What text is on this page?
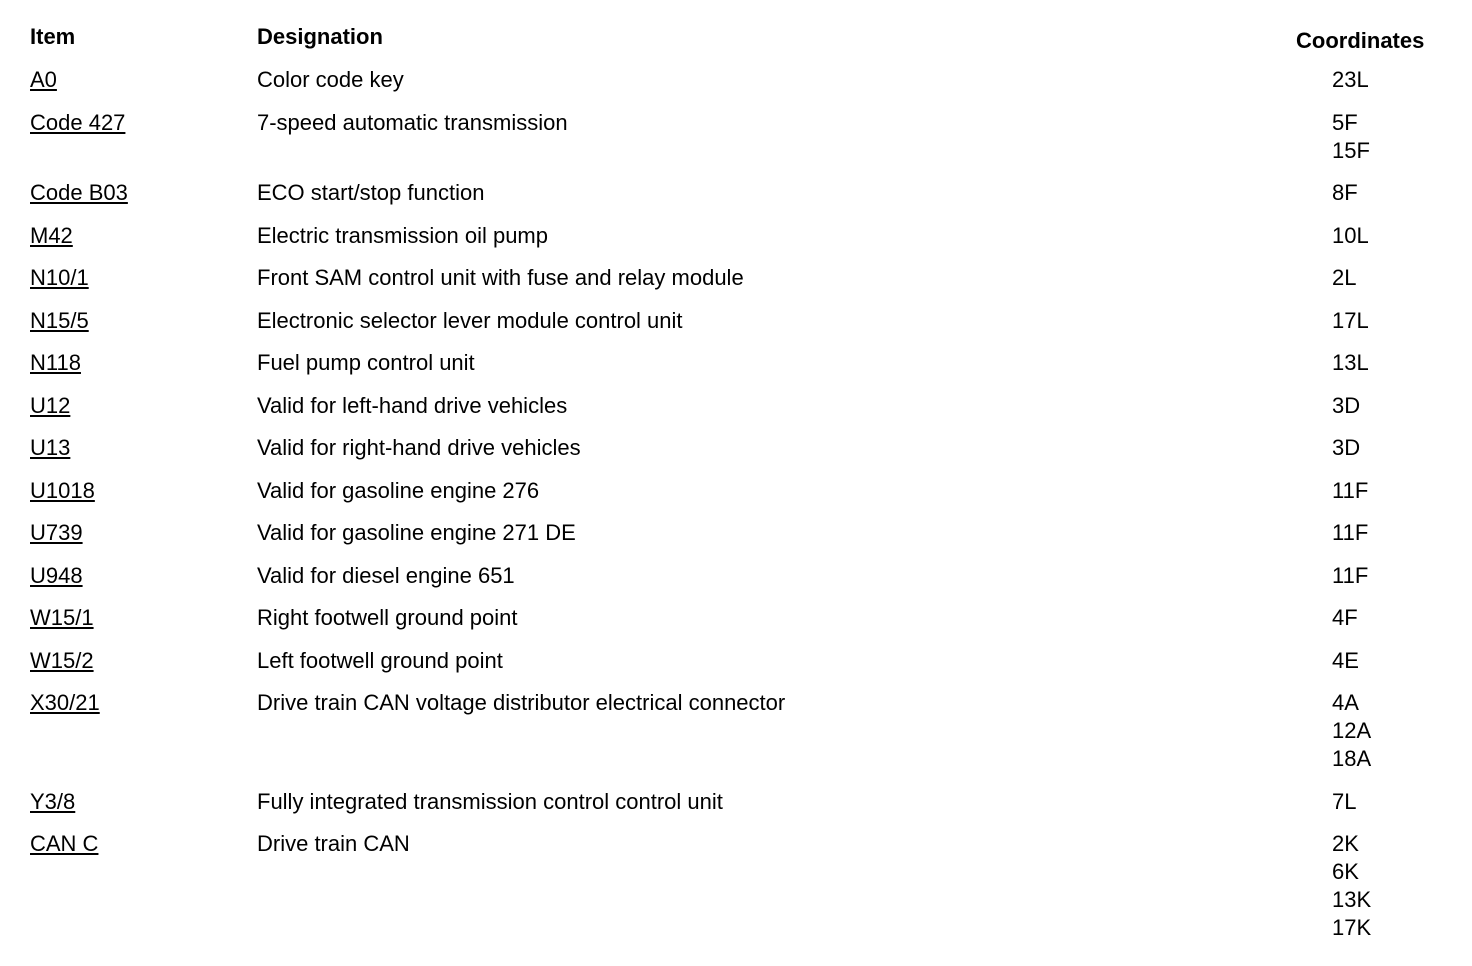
Item	Designation	Coordinates
A0	Color code key	23L
Code 427	7-speed automatic transmission	5F
15F
Code B03	ECO start/stop function	8F
M42	Electric transmission oil pump	10L
N10/1	Front SAM control unit with fuse and relay module	2L
N15/5	Electronic selector lever module control unit	17L
N118	Fuel pump control unit	13L
U12	Valid for left-hand drive vehicles	3D
U13	Valid for right-hand drive vehicles	3D
U1018	Valid for gasoline engine 276	11F
U739	Valid for gasoline engine 271 DE	11F
U948	Valid for diesel engine 651	11F
W15/1	Right footwell ground point	4F
W15/2	Left footwell ground point	4E
X30/21	Drive train CAN voltage distributor electrical connector	4A
12A
18A
Y3/8	Fully integrated transmission control control unit	7L
CAN C	Drive train CAN	2K
6K
13K
17K
